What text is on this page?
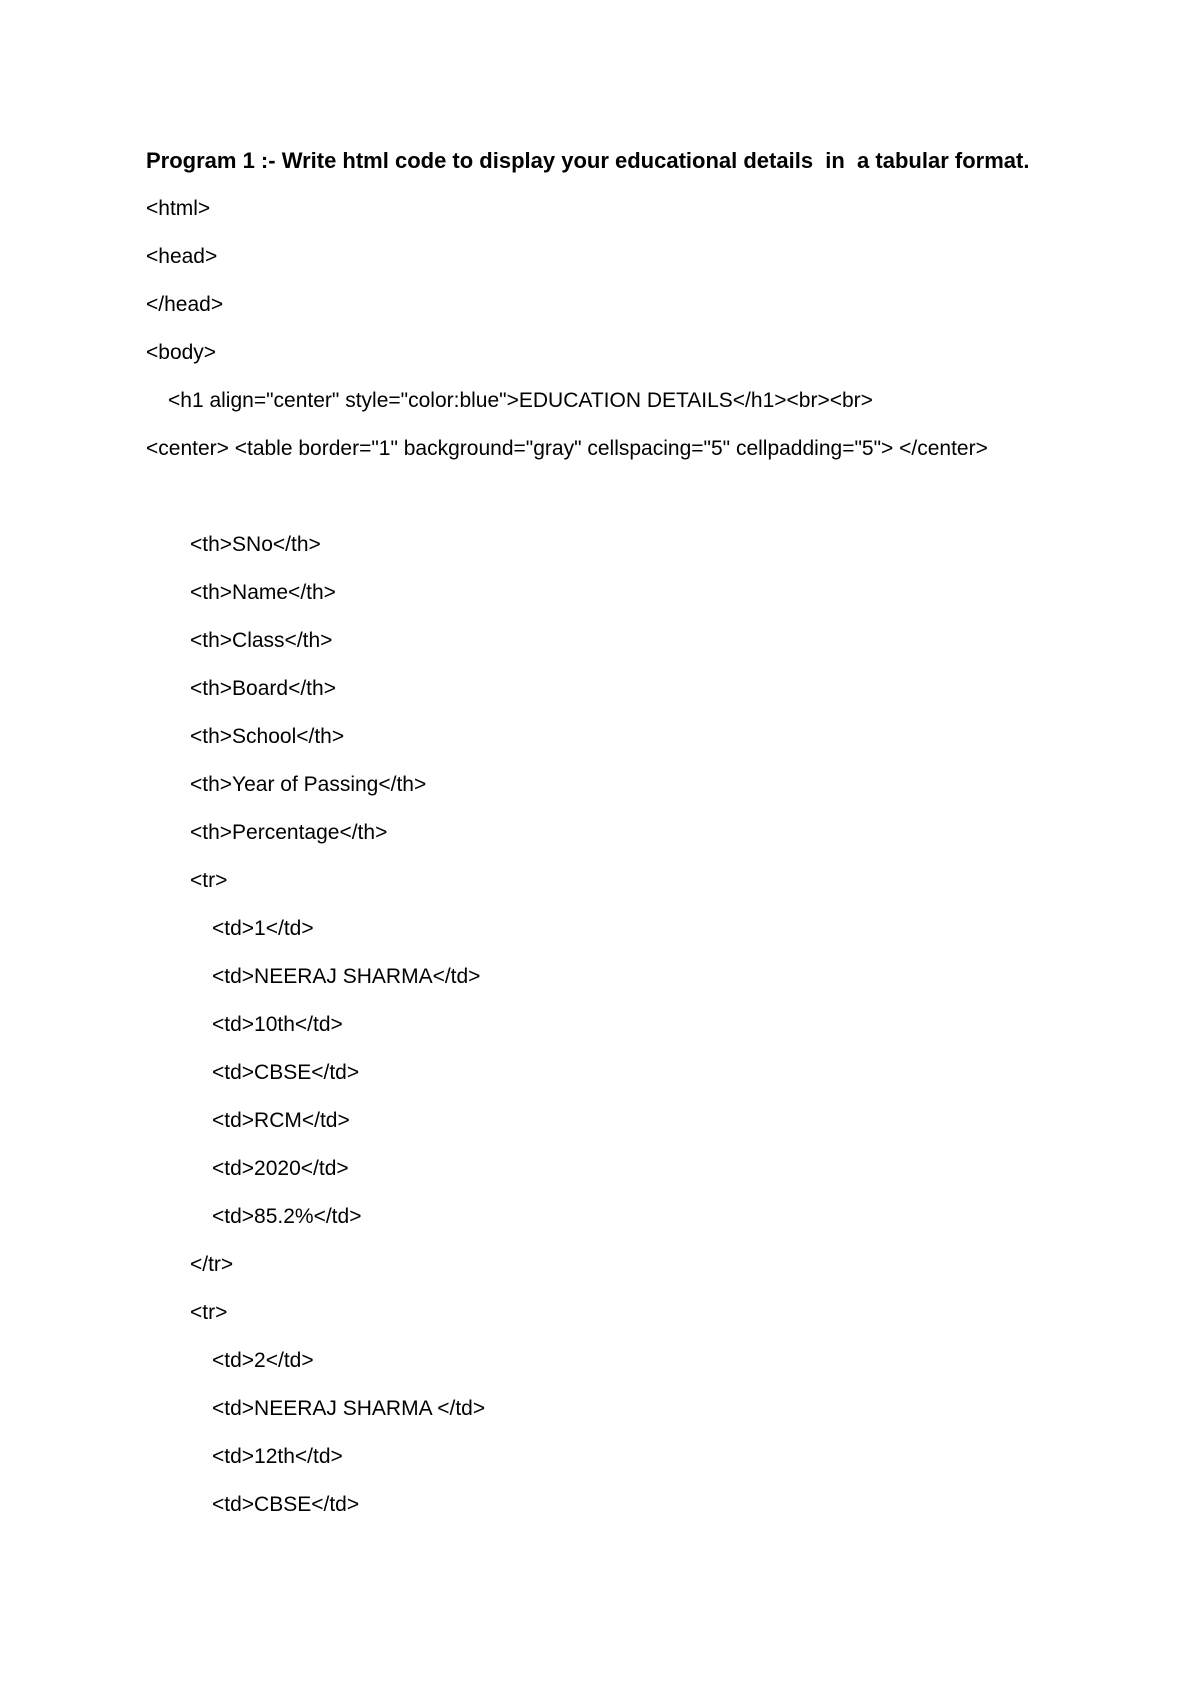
Program 1 :- Write html code to display your educational details  in  a tabular format.
<html>
<head>
</head>
<body>
<h1 align="center" style="color:blue">EDUCATION DETAILS</h1><br><br>
<center> <table border="1" background="gray" cellspacing="5" cellpadding="5"> </center>
<th>SNo</th>
<th>Name</th>
<th>Class</th>
<th>Board</th>
<th>School</th>
<th>Year of Passing</th>
<th>Percentage</th>
<tr>
<td>1</td>
<td>NEERAJ SHARMA</td>
<td>10th</td>
<td>CBSE</td>
<td>RCM</td>
<td>2020</td>
<td>85.2%</td>
</tr>
<tr>
<td>2</td>
<td>NEERAJ SHARMA </td>
<td>12th</td>
<td>CBSE</td>
